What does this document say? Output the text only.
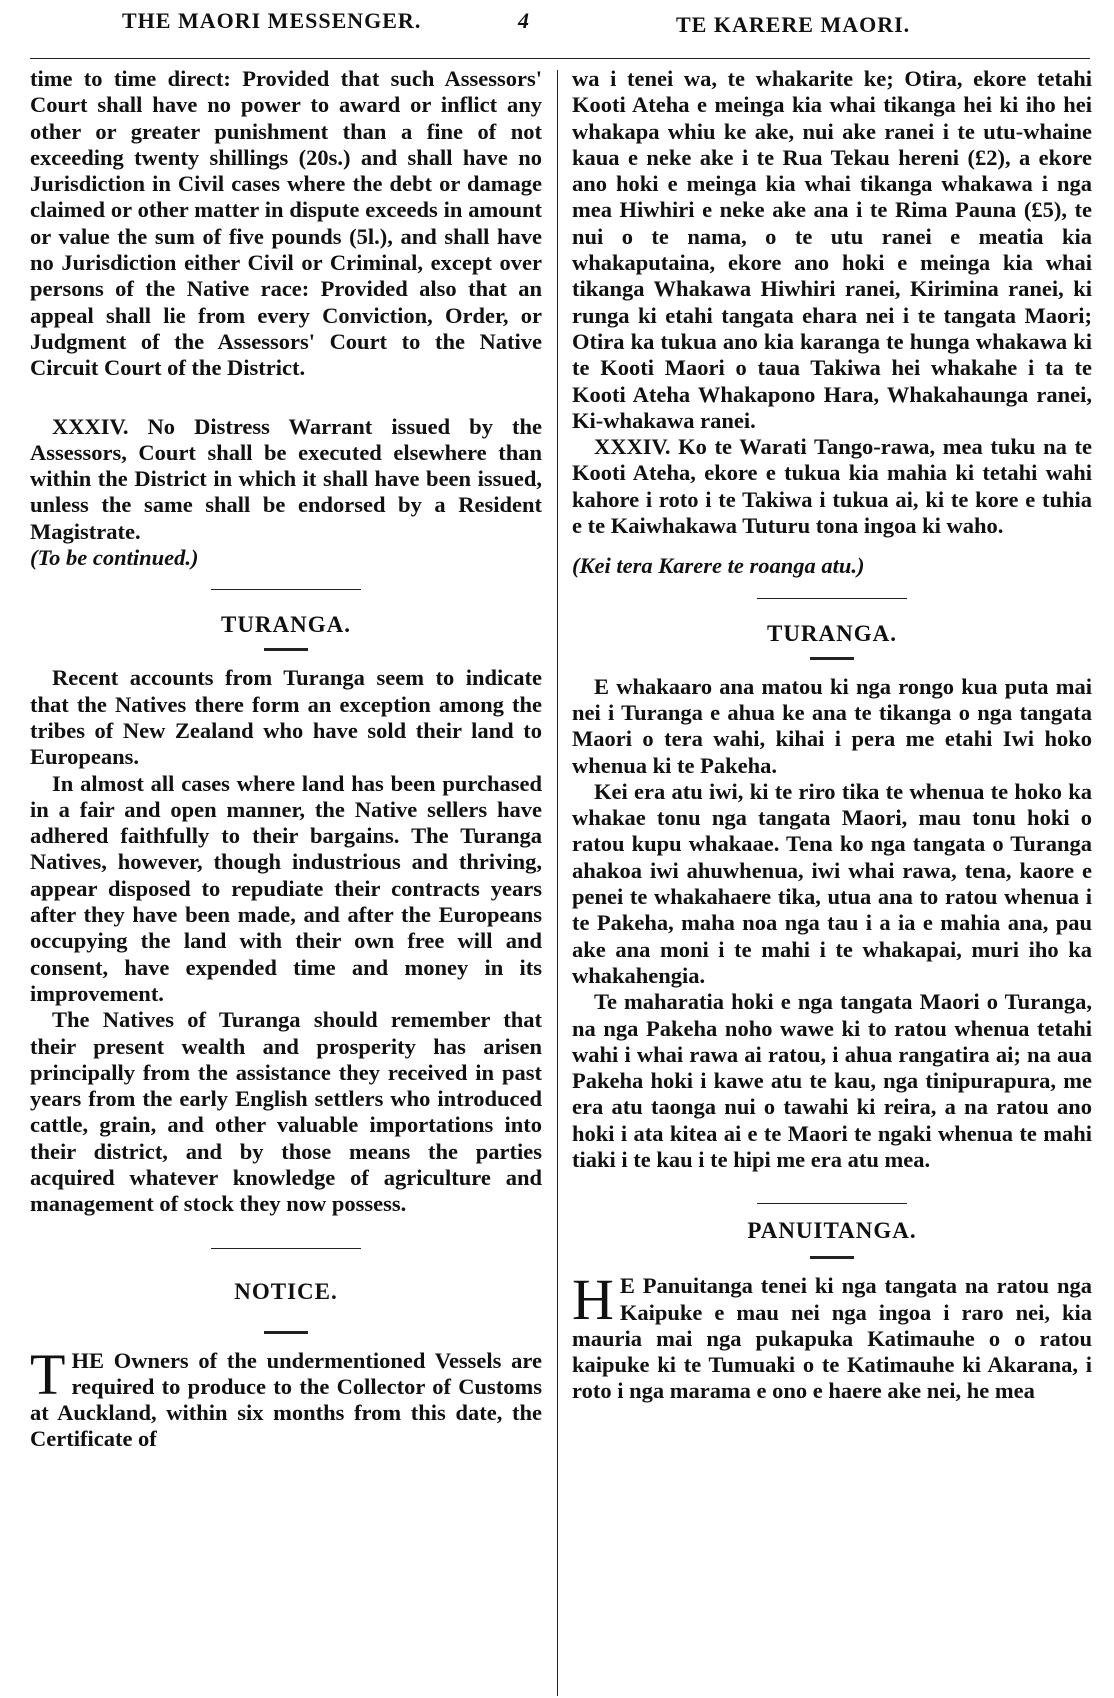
THE MAORI MESSENGER.	4	TE KARERE MAORI.

time to time direct: Provided that such Assessors' Court shall have no power to award or inflict any other or greater punishment than a fine of not exceeding twenty shillings (20s.) and shall have no Jurisdiction in Civil cases where the debt or damage claimed or other matter in dispute exceeds in amount or value the sum of five pounds (5l.), and shall have no Jurisdiction either Civil or Criminal, except over persons of the Native race: Provided also that an appeal shall lie from every Conviction, Order, or Judgment of the Assessors' Court to the Native Circuit Court of the District.

XXXIV. No Distress Warrant issued by the Assessors, Court shall be executed elsewhere than within the District in which it shall have been issued, unless the same shall be endorsed by a Resident Magistrate.

(To be continued.)

TURANGA.

Recent accounts from Turanga seem to indicate that the Natives there form an exception among the tribes of New Zealand who have sold their land to Europeans.

In almost all cases where land has been purchased in a fair and open manner, the Native sellers have adhered faithfully to their bargains. The Turanga Natives, however, though industrious and thriving, appear disposed to repudiate their contracts years after they have been made, and after the Europeans occupying the land with their own free will and consent, have expended time and money in its improvement.

The Natives of Turanga should remember that their present wealth and prosperity has arisen principally from the assistance they received in past years from the early English settlers who introduced cattle, grain, and other valuable importations into their district, and by those means the parties acquired whatever knowledge of agriculture and management of stock they now possess.

NOTICE.
T HE Owners of the undermentioned Vessels are required to produce to the Collector of Customs at Auckland, within six months from this date, the Certificate of

wa i tenei wa, te whakarite ke; Otira, ekore tetahi Kooti Ateha e meinga kia whai tikanga hei ki iho hei whakapa whiu ke ake, nui ake ranei i te utu-whaine kaua e neke ake i te Rua Tekau hereni (£2), a ekore ano hoki e meinga kia whai tikanga whakawa i nga mea Hiwhiri e neke ake ana i te Rima Pauna (£5), te nui o te nama, o te utu ranei e meatia kia whakaputaina, ekore ano hoki e meinga kia whai tikanga Whakawa Hiwhiri ranei, Kirimina ranei, ki runga ki etahi tangata ehara nei i te tangata Maori; Otira ka tukua ano kia karanga te hunga whakawa ki te Kooti Maori o taua Takiwa hei whakahe i ta te Kooti Ateha Whakapono Hara, Whakahaunga ranei, Ki-whakawa ranei.

XXXIV. Ko te Warati Tango-rawa, mea tuku na te Kooti Ateha, ekore e tukua kia mahia ki tetahi wahi kahore i roto i te Takiwa i tukua ai, ki te kore e tuhia e te Kaiwhakawa Tuturu tona ingoa ki waho.

(Kei tera Karere te roanga atu.)

TURANGA.

E whakaaro ana matou ki nga rongo kua puta mai nei i Turanga e ahua ke ana te tikanga o nga tangata Maori o tera wahi, kihai i pera me etahi Iwi hoko whenua ki te Pakeha.

Kei era atu iwi, ki te riro tika te whenua te hoko ka whakae tonu nga tangata Maori, mau tonu hoki o ratou kupu whakaae. Tena ko nga tangata o Turanga ahakoa iwi ahuwhenua, iwi whai rawa, tena, kaore e penei te whakahaere tika, utua ana to ratou whenua i te Pakeha, maha noa nga tau i a ia e mahia ana, pau ake ana moni i te mahi i te whakapai, muri iho ka whakahengia.

Te maharatia hoki e nga tangata Maori o Turanga, na nga Pakeha noho wawe ki to ratou whenua tetahi wahi i whai rawa ai ratou, i ahua rangatira ai; na aua Pakeha hoki i kawe atu te kau, nga tinipurapura, me era atu taonga nui o tawahi ki reira, a na ratou ano hoki i ata kitea ai e te Maori te ngaki whenua te mahi tiaki i te kau i te hipi me era atu mea.

PANUITANGA.
H E Panuitanga tenei ki nga tangata na ratou nga Kaipuke e mau nei nga ingoa i raro nei, kia mauria mai nga pukapuka Katimauhe o o ratou kaipuke ki te Tumuaki o te Katimauhe ki Akarana, i roto i nga marama e ono e haere ake nei, he mea
